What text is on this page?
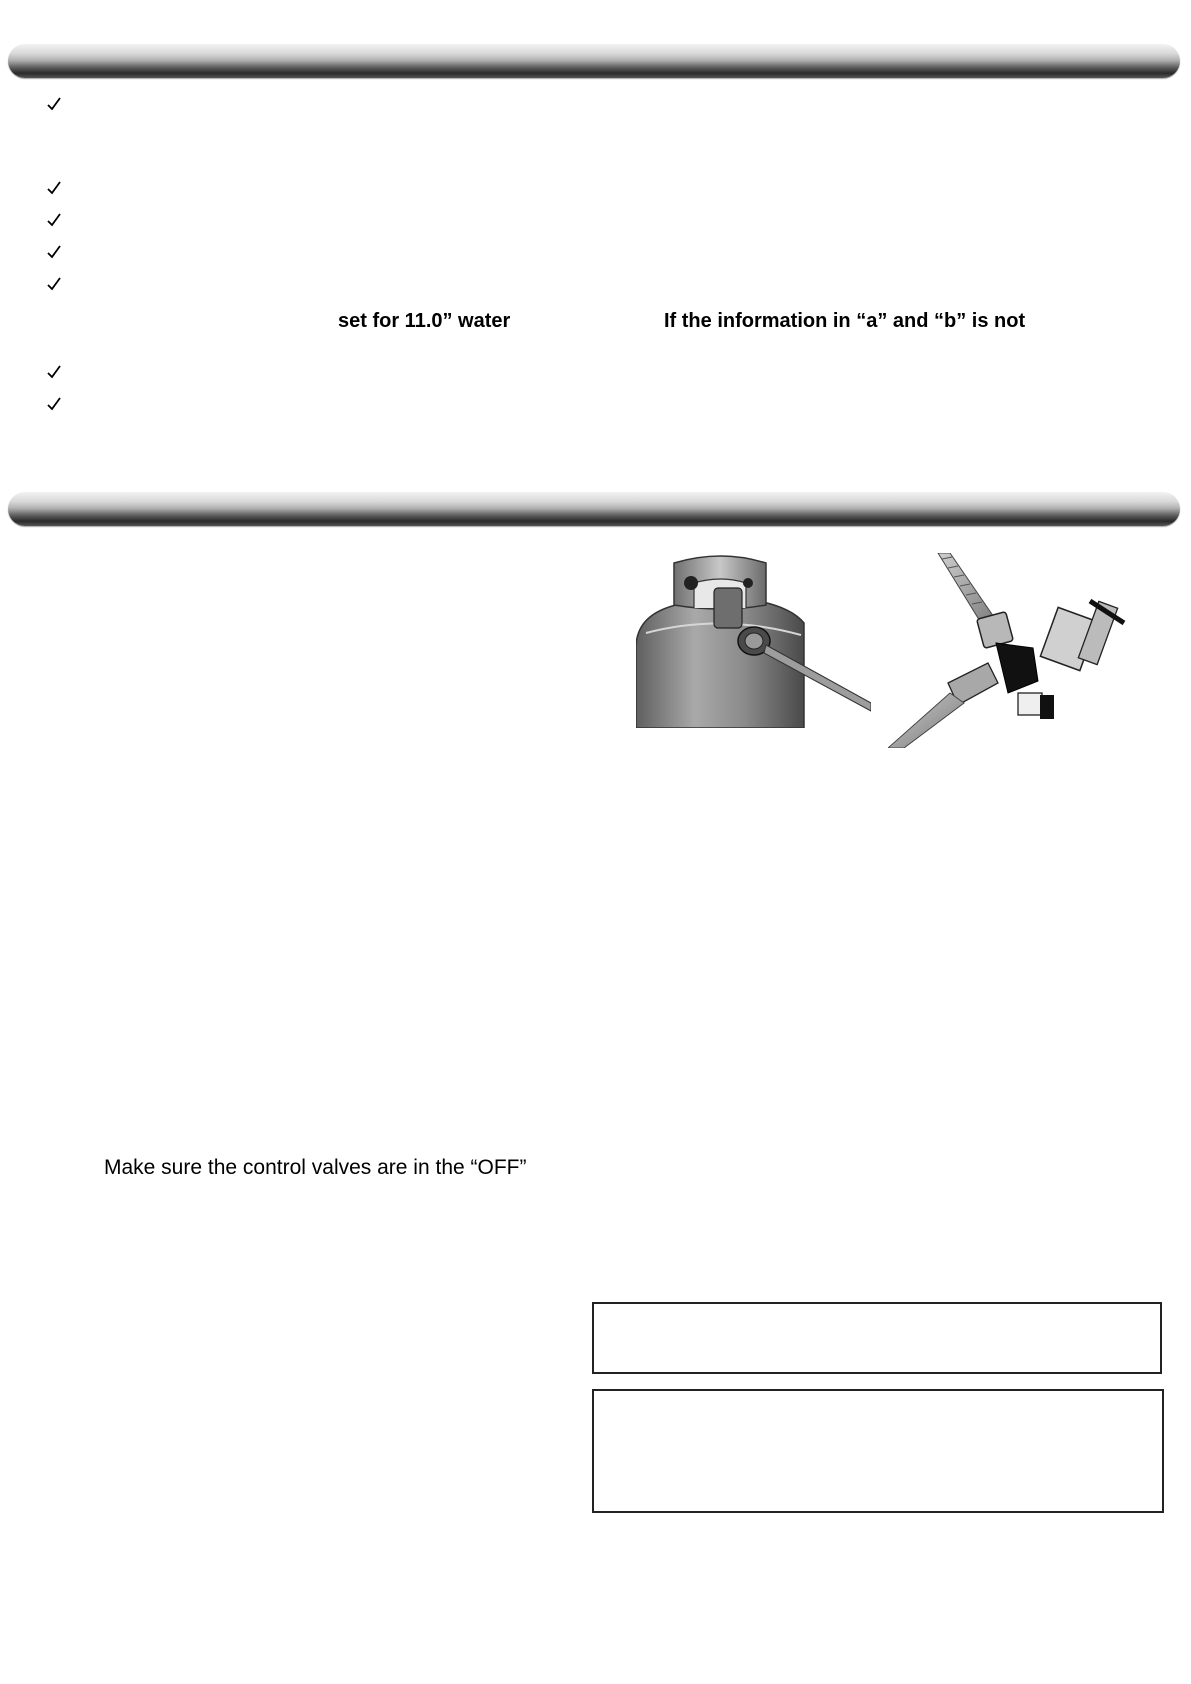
set for 11.0” water	If the information in “a” and “b” is not
Make sure the control valves are in the “OFF”
